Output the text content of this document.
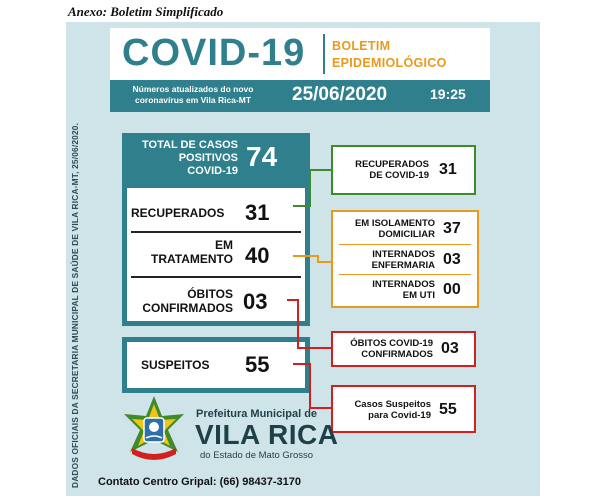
Anexo: Boletim Simplificado
DADOS OFICIAIS DA SECRETARIA MUNICIPAL DE SAÚDE DE VILA RICA-MT, 25/06/2020.
COVID-19 BOLETIM
EPIDEMIOLÓGICO
Números atualizados do novo
coronavírus em Vila Rica-MT	25/06/2020	19:25
TOTAL DE CASOS
POSITIVOS
COVID-19 74
RECUPERADOS 31
EM
TRATAMENTO 40
ÓBITOS
CONFIRMADOS 03
SUSPEITOS 55
RECUPERADOS
DE COVID-19 31
EM ISOLAMENTO
DOMICILIAR 37
INTERNADOS
ENFERMARIA 03
INTERNADOS
EM UTI 00
ÓBITOS COVID-19
CONFIRMADOS 03
Casos Suspeitos
para Covid-19 55
Prefeitura Municipal de
VILA RICA
do Estado de Mato Grosso
Contato Centro Gripal: (66) 98437-3170
